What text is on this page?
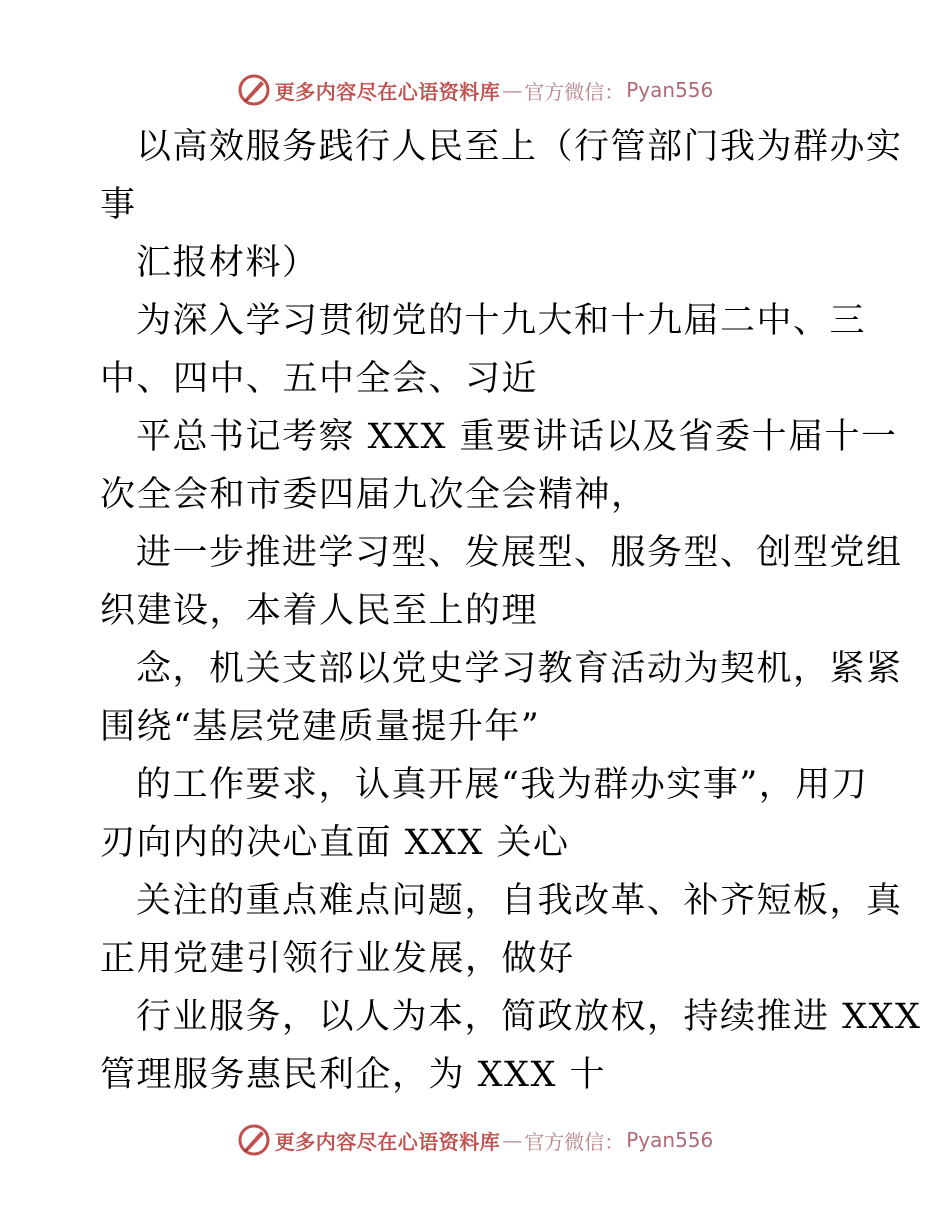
更多内容尽在心语资料库 — 官方微信： Pyan556
以高效服务践行人民至上（行管部门我为群办实
事
汇报材料）
为深入学习贯彻党的十九大和十九届二中、三
中、四中、五中全会、习近
平总书记考察 XXX 重要讲话以及省委十届十一
次全会和市委四届九次全会精神，
进一步推进学习型、发展型、服务型、创型党组
织建设，本着人民至上的理
念，机关支部以党史学习教育活动为契机，紧紧
围绕“基层党建质量提升年”
的工作要求，认真开展“我为群办实事”，用刀
刃向内的决心直面 XXX 关心
关注的重点难点问题，自我改革、补齐短板，真
正用党建引领行业发展，做好
行业服务，以人为本，简政放权，持续推进 XXX
管理服务惠民利企，为 XXX 十
更多内容尽在心语资料库 — 官方微信： Pyan556
